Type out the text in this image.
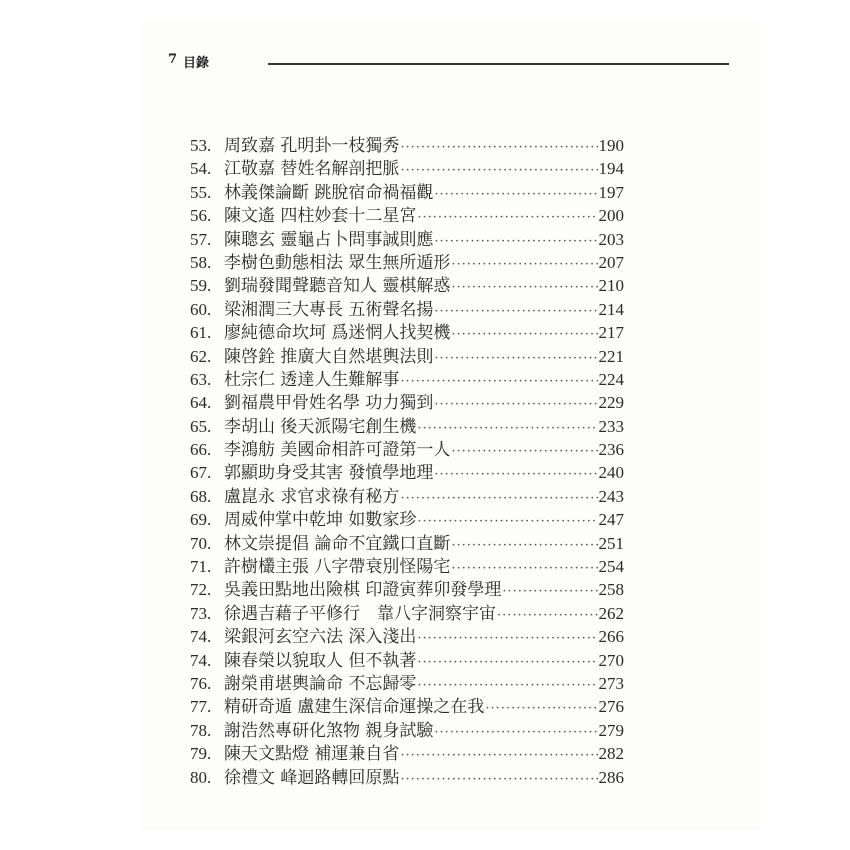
7 目錄
53. 周致嘉 孔明卦一枝獨秀 ·····	190
54. 江敬嘉 替姓名解剖把脈 ·····	194
55. 林義傑論斷 跳脫宿命禍福觀 ·····	197
56. 陳文遙 四柱妙套十二星宮 ·····	200
57. 陳聰玄 靈龜占卜問事誠則應 ·····	203
58. 李樹色動態相法 眾生無所遁形 ·····	207
59. 劉瑞發聞聲聽音知人 靈棋解惑 ·····	210
60. 梁湘潤三大專長 五術聲名揚 ·····	214
61. 廖純德命坎坷 爲迷惘人找契機 ·····	217
62. 陳啓銓 推廣大自然堪輿法則 ·····	221
63. 杜宗仁 透達人生難解事 ·····	224
64. 劉福農甲骨姓名學 功力獨到 ·····	229
65. 李胡山 後天派陽宅創生機 ·····	233
66. 李鴻舫 美國命相許可證第一人 ·····	236
67. 郭顯助身受其害 發憤學地理 ·····	240
68. 盧崑永 求官求祿有秘方 ·····	243
69. 周威仲掌中乾坤 如數家珍 ·····	247
70. 林文崇提倡 論命不宜鐵口直斷 ·····	251
71. 許樹欉主張 八字帶衰別怪陽宅 ·····	254
72. 吳義田點地出險棋 印證寅葬卯發學理 ·····	258
73. 徐遇吉藉子平修行　靠八字洞察宇宙 ·····	262
74. 梁銀河玄空六法 深入淺出 ·····	266
74. 陳春榮以貌取人 但不執著 ·····	270
76. 謝榮甫堪輿論命 不忘歸零 ·····	273
77. 精研奇遁 盧建生深信命運操之在我 ·····	276
78. 謝浩然專研化煞物 親身試驗 ·····	279
79. 陳天文點燈 補運兼自省 ·····	282
80. 徐禮文 峰迴路轉回原點 ·····	286
